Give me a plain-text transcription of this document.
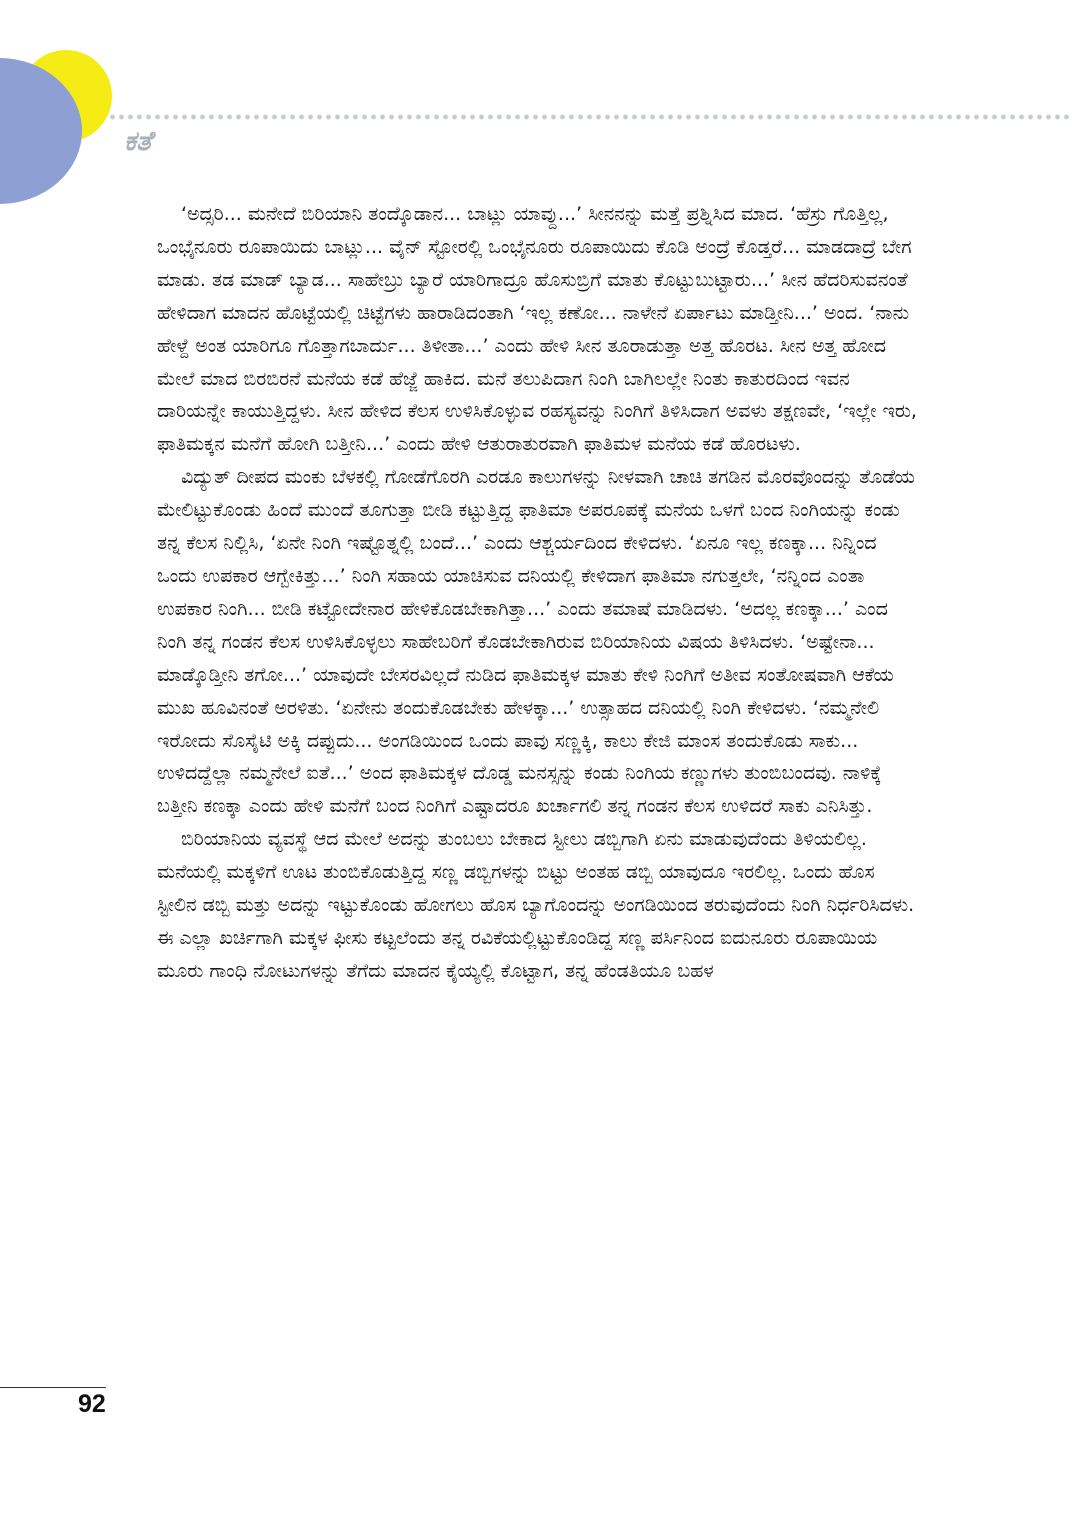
ಕತೆ

‘ಅದ್ಸರಿ... ಮನೇದೆ ಬಿರಿಯಾನಿ ತಂದ್ಕೊಡಾನ... ಬಾಟ್ಲು ಯಾವ್ದು...’ ಸೀನನನ್ನು ಮತ್ತೆ ಪ್ರಶ್ನಿಸಿದ ಮಾದ. ‘ಹೆಸ್ರು ಗೊತ್ತಿಲ್ಲ, ಒಂಭೈನೂರು ರೂಪಾಯಿದು ಬಾಟ್ಲು... ವೈನ್ ಸ್ಟೋರಲ್ಲಿ ಒಂಭೈನೂರು ರೂಪಾಯಿದು ಕೊಡಿ ಅಂದ್ರೆ ಕೊಡ್ತರೆ... ಮಾಡದಾದ್ರೆ ಬೇಗ ಮಾಡು. ತಡ ಮಾಡ್ ಬ್ಯಾಡ... ಸಾಹೇಬ್ರು ಬ್ಯಾರೆ ಯಾರಿಗಾದ್ರೂ ಹೊಸುಬ್ರಿಗೆ ಮಾತು ಕೊಟ್ಟುಬುಟ್ಟಾರು...’ ಸೀನ ಹೆದರಿಸುವನಂತೆ ಹೇಳಿದಾಗ ಮಾದನ ಹೊಟ್ಟೆಯಲ್ಲಿ ಚಿಟ್ಟೆಗಳು ಹಾರಾಡಿದಂತಾಗಿ ‘ಇಲ್ಲ ಕಣೋ... ನಾಳೇನೆ ಏರ್ಪಾಟು ಮಾಡ್ತೀನಿ...’ ಅಂದ. ‘ನಾನು ಹೇಳ್ದೆ ಅಂತ ಯಾರಿಗೂ ಗೊತ್ತಾಗಬಾರ್ದು... ತಿಳೀತಾ...’ ಎಂದು ಹೇಳಿ ಸೀನ ತೂರಾಡುತ್ತಾ ಅತ್ತ ಹೊರಟ. ಸೀನ ಅತ್ತ ಹೋದ ಮೇಲೆ ಮಾದ ಬಿರಬಿರನೆ ಮನೆಯ ಕಡೆ ಹೆಜ್ಜೆ ಹಾಕಿದ. ಮನೆ ತಲುಪಿದಾಗ ನಿಂಗಿ ಬಾಗಿಲಲ್ಲೇ ನಿಂತು ಕಾತುರದಿಂದ ಇವನ ದಾರಿಯನ್ನೇ ಕಾಯುತ್ತಿದ್ದಳು. ಸೀನ ಹೇಳಿದ ಕೆಲಸ ಉಳಿಸಿಕೊಳ್ಳುವ ರಹಸ್ಯವನ್ನು ನಿಂಗಿಗೆ ತಿಳಿಸಿದಾಗ ಅವಳು ತಕ್ಷಣವೇ, ‘ಇಲ್ಲೇ ಇರು, ಫಾತಿಮಕ್ಕನ ಮನೆಗೆ ಹೋಗಿ ಬತ್ತೀನಿ...’ ಎಂದು ಹೇಳಿ ಆತುರಾತುರವಾಗಿ ಫಾತಿಮಳ ಮನೆಯ ಕಡೆ ಹೊರಟಳು.

ವಿದ್ಯುತ್ ದೀಪದ ಮಂಕು ಬೆಳಕಲ್ಲಿ ಗೋಡೆಗೊರಗಿ ಎರಡೂ ಕಾಲುಗಳನ್ನು ನೀಳವಾಗಿ ಚಾಚಿ ತಗಡಿನ ಮೊರವೊಂದನ್ನು ತೊಡೆಯ ಮೇಲಿಟ್ಟುಕೊಂಡು ಹಿಂದೆ ಮುಂದೆ ತೂಗುತ್ತಾ ಬೀಡಿ ಕಟ್ಟುತ್ತಿದ್ದ ಫಾತಿಮಾ ಅಪರೂಪಕ್ಕೆ ಮನೆಯ ಒಳಗೆ ಬಂದ ನಿಂಗಿಯನ್ನು ಕಂಡು ತನ್ನ ಕೆಲಸ ನಿಲ್ಲಿಸಿ, ‘ಏನೇ ನಿಂಗಿ ಇಷ್ಟೊತ್ನಲ್ಲಿ ಬಂದೆ...’ ಎಂದು ಆಶ್ಚರ್ಯದಿಂದ ಕೇಳಿದಳು. ‘ಏನೂ ಇಲ್ಲ ಕಣಕ್ಕಾ... ನಿನ್ನಿಂದ ಒಂದು ಉಪಕಾರ ಆಗ್ಬೇಕಿತ್ತು...’ ನಿಂಗಿ ಸಹಾಯ ಯಾಚಿಸುವ ದನಿಯಲ್ಲಿ ಕೇಳಿದಾಗ ಫಾತಿಮಾ ನಗುತ್ತಲೇ, ‘ನನ್ನಿಂದ ಎಂತಾ ಉಪಕಾರ ನಿಂಗಿ... ಬೀಡಿ ಕಟ್ಟೋದೇನಾರ ಹೇಳಿಕೊಡಬೇಕಾಗಿತ್ತಾ...’ ಎಂದು ತಮಾಷೆ ಮಾಡಿದಳು. ‘ಅದಲ್ಲ ಕಣಕ್ಕಾ...’ ಎಂದ ನಿಂಗಿ ತನ್ನ ಗಂಡನ ಕೆಲಸ ಉಳಿಸಿಕೊಳ್ಳಲು ಸಾಹೇಬರಿಗೆ ಕೊಡಬೇಕಾಗಿರುವ ಬಿರಿಯಾನಿಯ ವಿಷಯ ತಿಳಿಸಿದಳು. ‘ಅಷ್ಟೇನಾ... ಮಾಡ್ಕೊಡ್ತೀನಿ ತಗೋ...’ ಯಾವುದೇ ಬೇಸರವಿಲ್ಲದೆ ನುಡಿದ ಫಾತಿಮಕ್ಕಳ ಮಾತು ಕೇಳಿ ನಿಂಗಿಗೆ ಅತೀವ ಸಂತೋಷವಾಗಿ ಆಕೆಯ ಮುಖ ಹೂವಿನಂತೆ ಅರಳಿತು. ‘ಏನೇನು ತಂದುಕೊಡಬೇಕು ಹೇಳಕ್ಕಾ...’ ಉತ್ಸಾಹದ ದನಿಯಲ್ಲಿ ನಿಂಗಿ ಕೇಳಿದಳು. ‘ನಮ್ಮನೇಲಿ ಇರೋದು ಸೊಸೈಟಿ ಅಕ್ಕಿ ದಪ್ಪುದು... ಅಂಗಡಿಯಿಂದ ಒಂದು ಪಾವು ಸಣ್ಣಕ್ಕಿ, ಕಾಲು ಕೇಜಿ ಮಾಂಸ ತಂದುಕೊಡು ಸಾಕು... ಉಳಿದದ್ದೆಲ್ಲಾ ನಮ್ಮನೇಲೆ ಐತೆ...’ ಅಂದ ಫಾತಿಮಕ್ಕಳ ದೊಡ್ಡ ಮನಸ್ಸನ್ನು ಕಂಡು ನಿಂಗಿಯ ಕಣ್ಣುಗಳು ತುಂಬಿಬಂದವು. ನಾಳಿಕ್ಕೆ ಬತ್ತೀನಿ ಕಣಕ್ಕಾ ಎಂದು ಹೇಳಿ ಮನೆಗೆ ಬಂದ ನಿಂಗಿಗೆ ಎಷ್ಟಾದರೂ ಖರ್ಚಾಗಲಿ ತನ್ನ ಗಂಡನ ಕೆಲಸ ಉಳಿದರೆ ಸಾಕು ಎನಿಸಿತ್ತು.

ಬಿರಿಯಾನಿಯ ವ್ಯವಸ್ಥೆ ಆದ ಮೇಲೆ ಅದನ್ನು ತುಂಬಲು ಬೇಕಾದ ಸ್ಟೀಲು ಡಬ್ಬಿಗಾಗಿ ಏನು ಮಾಡುವುದೆಂದು ತಿಳಿಯಲಿಲ್ಲ. ಮನೆಯಲ್ಲಿ ಮಕ್ಕಳಿಗೆ ಊಟ ತುಂಬಿಕೊಡುತ್ತಿದ್ದ ಸಣ್ಣ ಡಬ್ಬಿಗಳನ್ನು ಬಿಟ್ಟು ಅಂತಹ ಡಬ್ಬಿ ಯಾವುದೂ ಇರಲಿಲ್ಲ. ಒಂದು ಹೊಸ ಸ್ಟೀಲಿನ ಡಬ್ಬಿ ಮತ್ತು ಅದನ್ನು ಇಟ್ಟುಕೊಂಡು ಹೋಗಲು ಹೊಸ ಬ್ಯಾಗೊಂದನ್ನು ಅಂಗಡಿಯಿಂದ ತರುವುದೆಂದು ನಿಂಗಿ ನಿರ್ಧರಿಸಿದಳು. ಈ ಎಲ್ಲಾ ಖರ್ಚಿಗಾಗಿ ಮಕ್ಕಳ ಫೀಸು ಕಟ್ಟಲೆಂದು ತನ್ನ ರವಿಕೆಯಲ್ಲಿಟ್ಟುಕೊಂಡಿದ್ದ ಸಣ್ಣ ಪರ್ಸಿನಿಂದ ಐದುನೂರು ರೂಪಾಯಿಯ ಮೂರು ಗಾಂಧಿ ನೋಟುಗಳನ್ನು ತೆಗೆದು ಮಾದನ ಕೈಯ್ಯಲ್ಲಿ ಕೊಟ್ಟಾಗ, ತನ್ನ ಹೆಂಡತಿಯೂ ಬಹಳ

92
